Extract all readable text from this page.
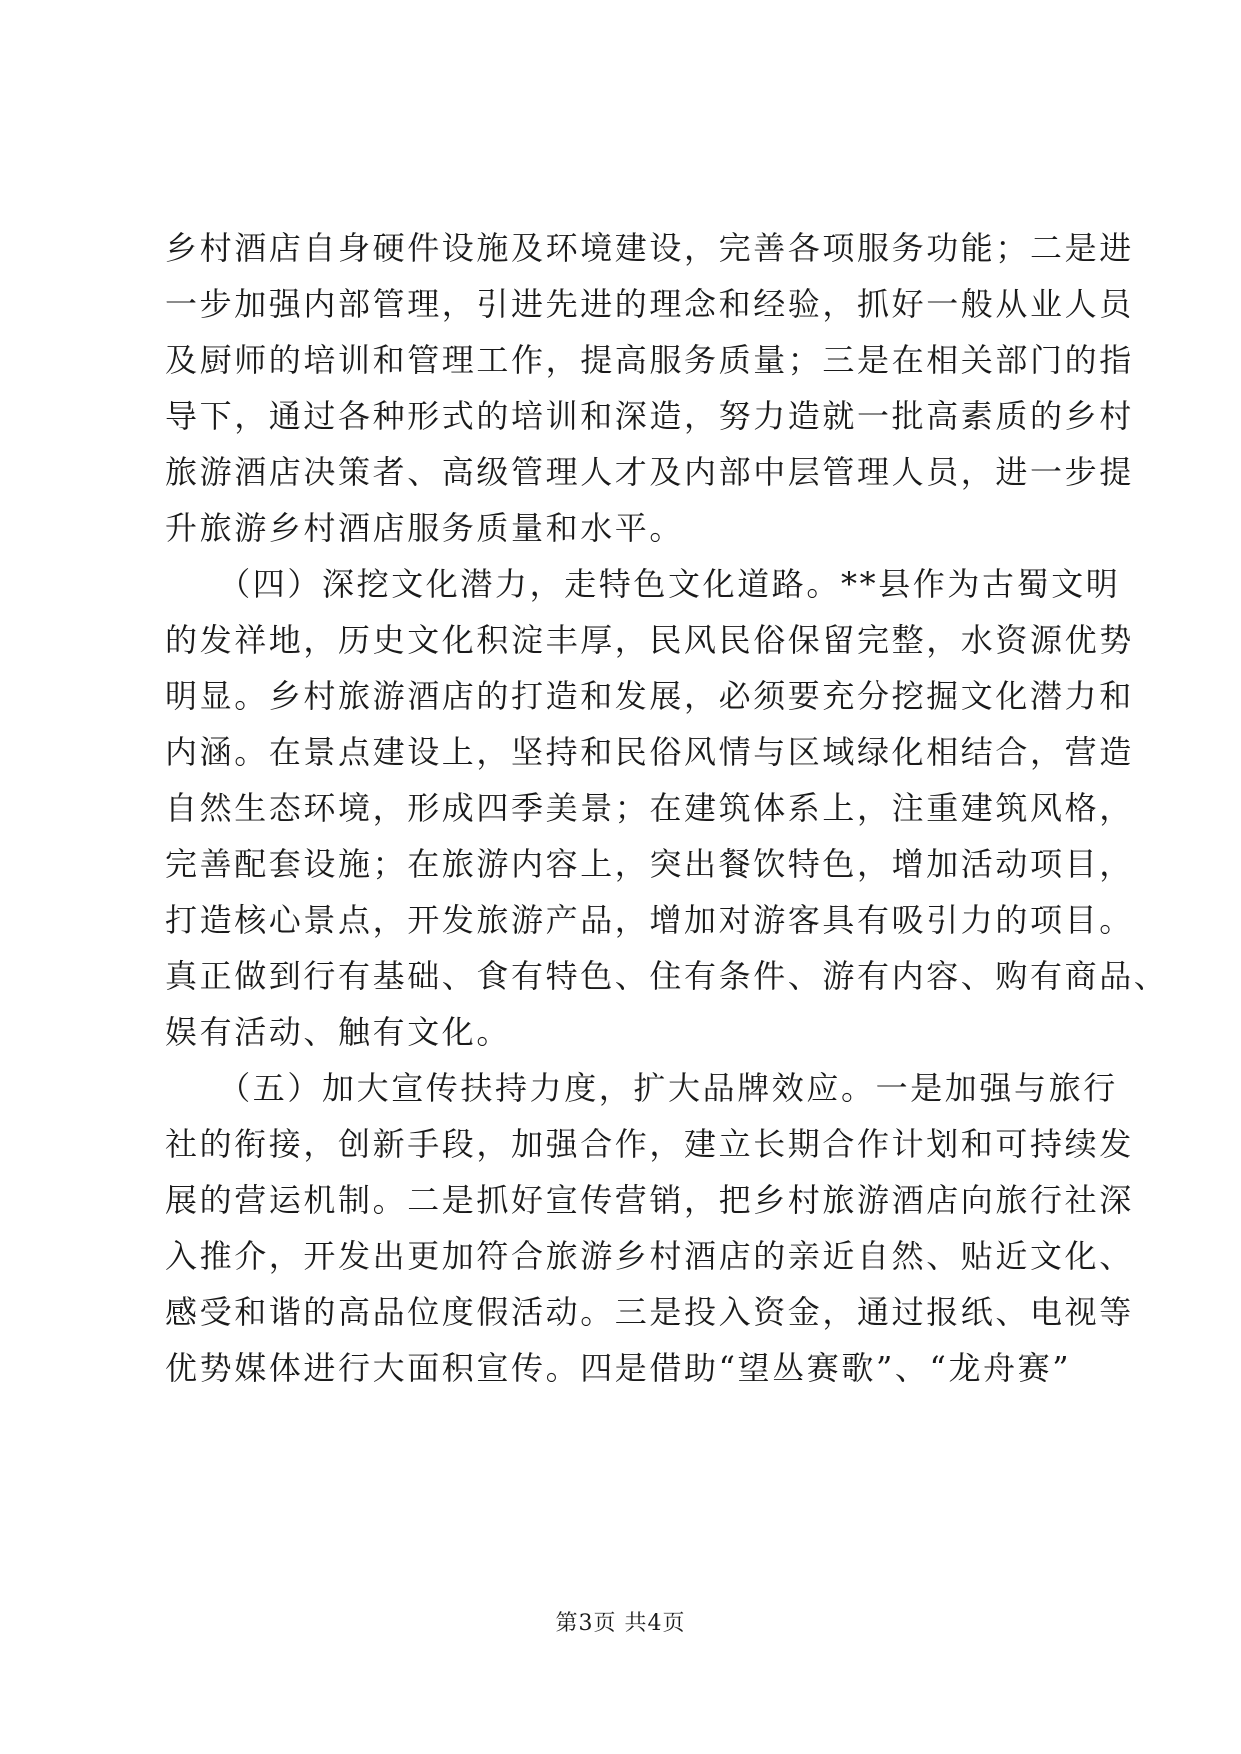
乡村酒店自身硬件设施及环境建设，完善各项服务功能；二是进
一步加强内部管理，引进先进的理念和经验，抓好一般从业人员
及厨师的培训和管理工作，提高服务质量；三是在相关部门的指
导下，通过各种形式的培训和深造，努力造就一批高素质的乡村
旅游酒店决策者、高级管理人才及内部中层管理人员，进一步提
升旅游乡村酒店服务质量和水平。
　　（四）深挖文化潜力，走特色文化道路。**县作为古蜀文明
的发祥地，历史文化积淀丰厚，民风民俗保留完整，水资源优势
明显。乡村旅游酒店的打造和发展，必须要充分挖掘文化潜力和
内涵。在景点建设上，坚持和民俗风情与区域绿化相结合，营造
自然生态环境，形成四季美景；在建筑体系上，注重建筑风格，
完善配套设施；在旅游内容上，突出餐饮特色，增加活动项目，
打造核心景点，开发旅游产品，增加对游客具有吸引力的项目。
真正做到行有基础、食有特色、住有条件、游有内容、购有商品、
娱有活动、触有文化。
　　（五）加大宣传扶持力度，扩大品牌效应。一是加强与旅行
社的衔接，创新手段，加强合作，建立长期合作计划和可持续发
展的营运机制。二是抓好宣传营销，把乡村旅游酒店向旅行社深
入推介，开发出更加符合旅游乡村酒店的亲近自然、贴近文化、
感受和谐的高品位度假活动。三是投入资金，通过报纸、电视等
优势媒体进行大面积宣传。四是借助“望丛赛歌”、“龙舟赛”
第3页 共4页
